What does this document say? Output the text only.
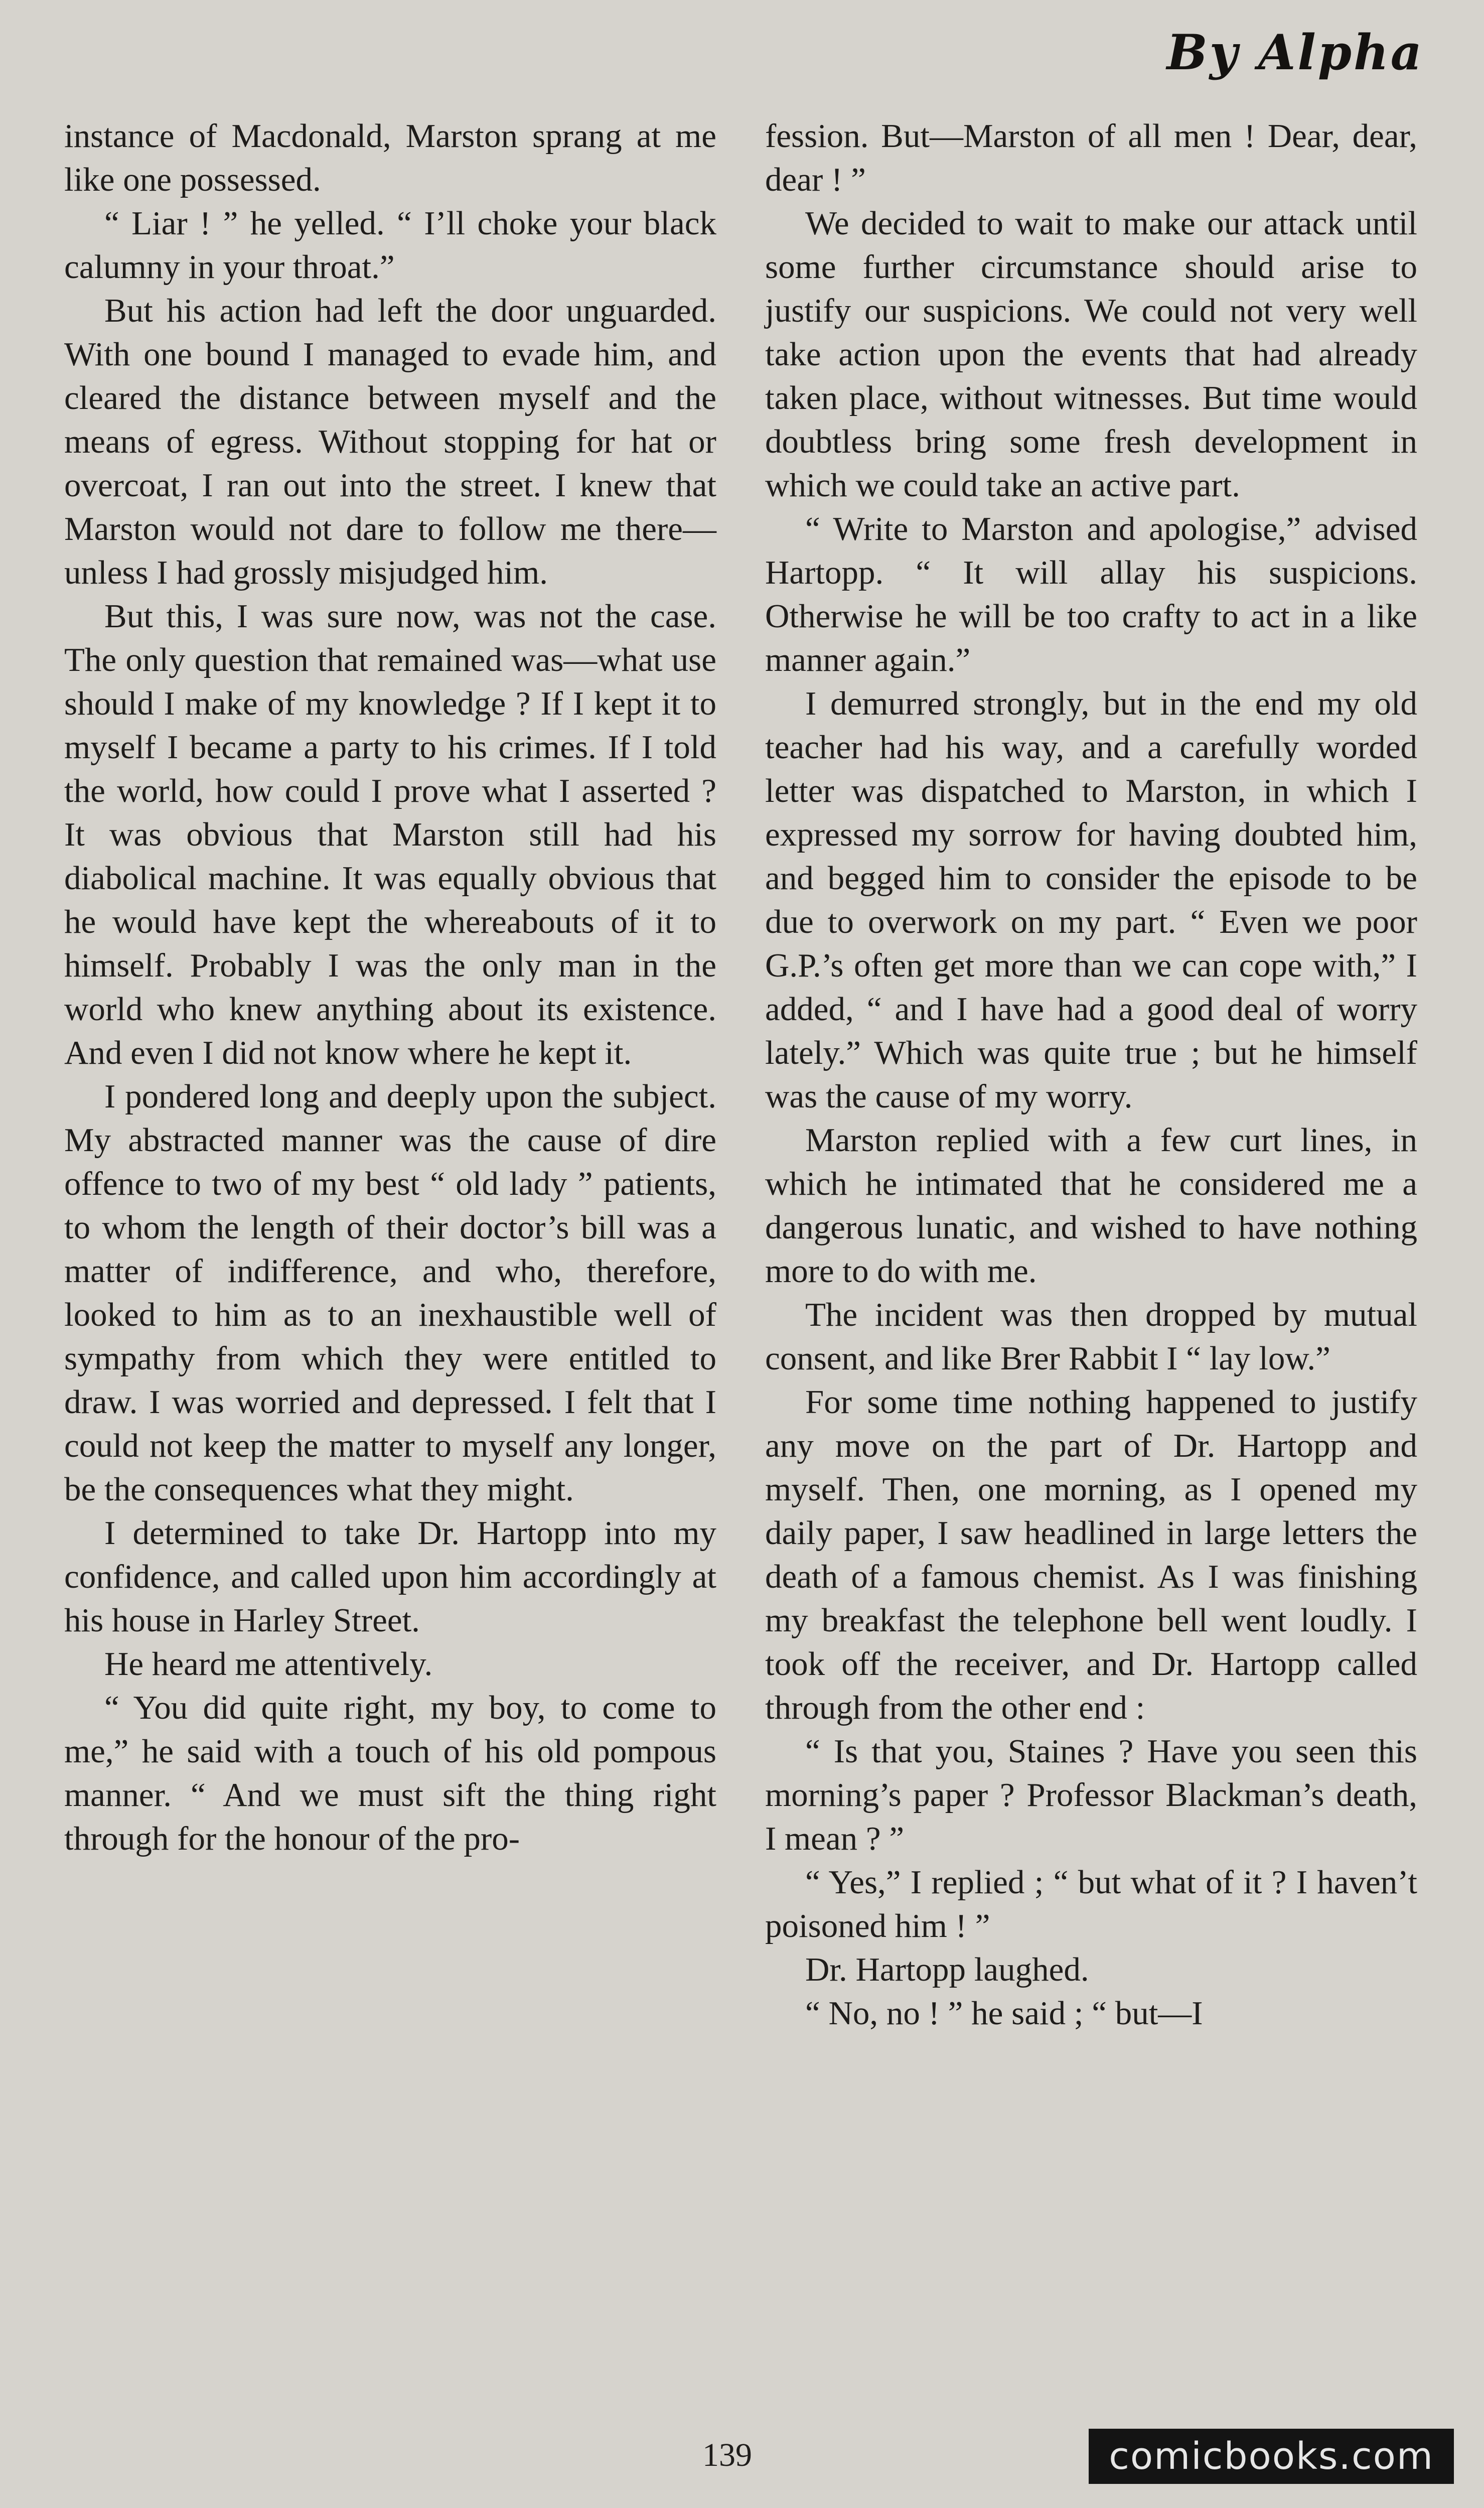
By Alpha

instance of Macdonald, Marston sprang at me like one possessed.

“ Liar ! ” he yelled. “ I’ll choke your black calumny in your throat.”

But his action had left the door unguarded. With one bound I managed to evade him, and cleared the distance between myself and the means of egress. Without stopping for hat or overcoat, I ran out into the street. I knew that Marston would not dare to follow me there—unless I had grossly misjudged him.

But this, I was sure now, was not the case. The only question that remained was—what use should I make of my knowledge ? If I kept it to myself I became a party to his crimes. If I told the world, how could I prove what I asserted ? It was obvious that Marston still had his diabolical machine. It was equally obvious that he would have kept the whereabouts of it to himself. Probably I was the only man in the world who knew anything about its existence. And even I did not know where he kept it.

I pondered long and deeply upon the subject. My abstracted manner was the cause of dire offence to two of my best “ old lady ” patients, to whom the length of their doctor’s bill was a matter of indifference, and who, therefore, looked to him as to an inexhaustible well of sympathy from which they were entitled to draw. I was worried and depressed. I felt that I could not keep the matter to myself any longer, be the consequences what they might.

I determined to take Dr. Hartopp into my confidence, and called upon him accordingly at his house in Harley Street.

He heard me attentively.

“ You did quite right, my boy, to come to me,” he said with a touch of his old pompous manner. “ And we must sift the thing right through for the honour of the pro-

fession. But—Marston of all men ! Dear, dear, dear ! ”

We decided to wait to make our attack until some further circumstance should arise to justify our suspicions. We could not very well take action upon the events that had already taken place, without witnesses. But time would doubtless bring some fresh development in which we could take an active part.

“ Write to Marston and apologise,” advised Hartopp. “ It will allay his suspicions. Otherwise he will be too crafty to act in a like manner again.”

I demurred strongly, but in the end my old teacher had his way, and a carefully worded letter was dispatched to Marston, in which I expressed my sorrow for having doubted him, and begged him to consider the episode to be due to overwork on my part. “ Even we poor G.P.’s often get more than we can cope with,” I added, “ and I have had a good deal of worry lately.” Which was quite true ; but he himself was the cause of my worry.

Marston replied with a few curt lines, in which he intimated that he considered me a dangerous lunatic, and wished to have nothing more to do with me.

The incident was then dropped by mutual consent, and like Brer Rabbit I “ lay low.”

For some time nothing happened to justify any move on the part of Dr. Hartopp and myself. Then, one morning, as I opened my daily paper, I saw headlined in large letters the death of a famous chemist. As I was finishing my breakfast the telephone bell went loudly. I took off the receiver, and Dr. Hartopp called through from the other end :

“ Is that you, Staines ? Have you seen this morning’s paper ? Professor Blackman’s death, I mean ? ”

“ Yes,” I replied ; “ but what of it ? I haven’t poisoned him ! ”

Dr. Hartopp laughed.

“ No, no ! ” he said ; “ but—I

139	comicbooks.com
